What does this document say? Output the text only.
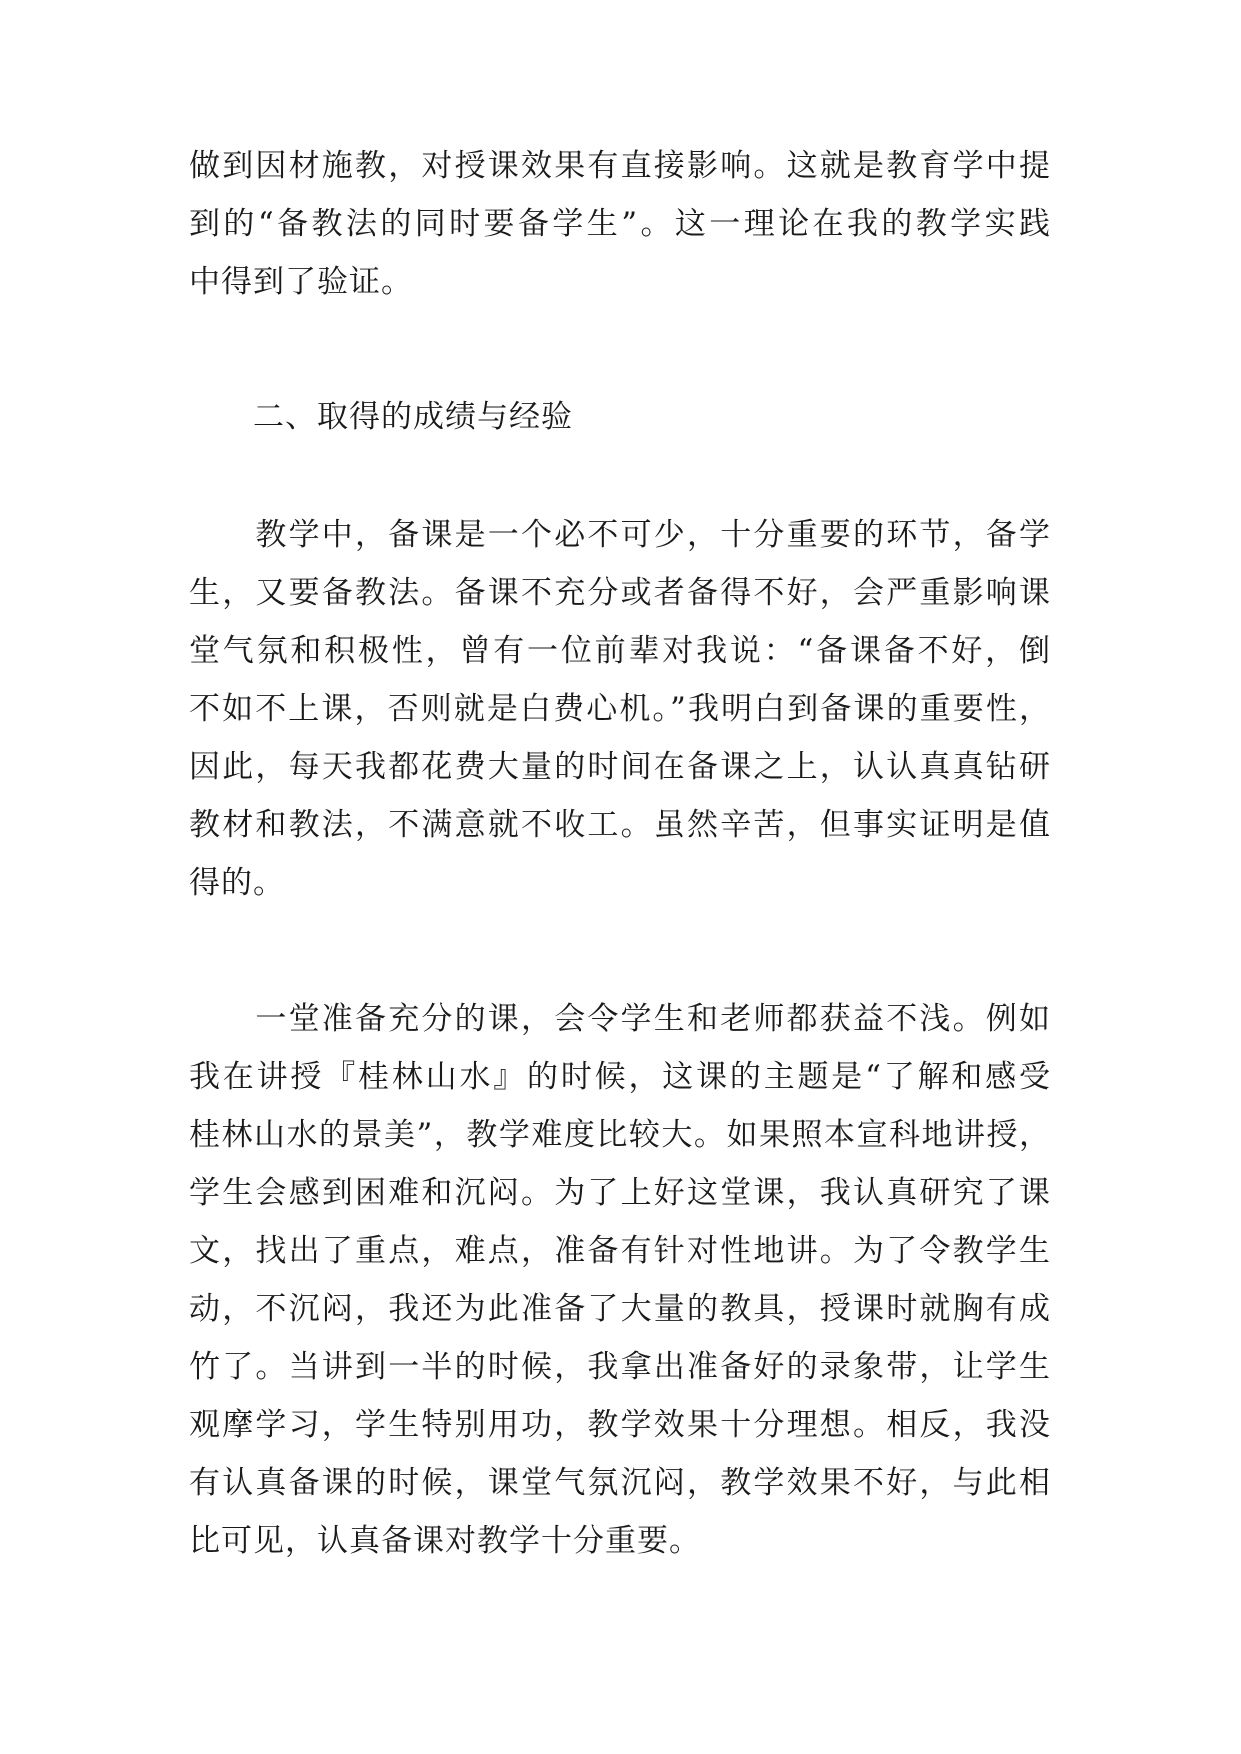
做到因材施教，对授课效果有直接影响。这就是教育学中提
到的“备教法的同时要备学生”。这一理论在我的教学实践
中得到了验证。
二、取得的成绩与经验
　　教学中，备课是一个必不可少，十分重要的环节，备学
生，又要备教法。备课不充分或者备得不好，会严重影响课
堂气氛和积极性，曾有一位前辈对我说：“备课备不好，倒
不如不上课，否则就是白费心机。”我明白到备课的重要性，
因此，每天我都花费大量的时间在备课之上，认认真真钻研
教材和教法，不满意就不收工。虽然辛苦，但事实证明是值
得的。
　　一堂准备充分的课，会令学生和老师都获益不浅。例如
我在讲授『桂林山水』的时候，这课的主题是“了解和感受
桂林山水的景美”，教学难度比较大。如果照本宣科地讲授，
学生会感到困难和沉闷。为了上好这堂课，我认真研究了课
文，找出了重点，难点，准备有针对性地讲。为了令教学生
动，不沉闷，我还为此准备了大量的教具，授课时就胸有成
竹了。当讲到一半的时候，我拿出准备好的录象带，让学生
观摩学习，学生特别用功，教学效果十分理想。相反，我没
有认真备课的时候，课堂气氛沉闷，教学效果不好，与此相
比可见，认真备课对教学十分重要。
